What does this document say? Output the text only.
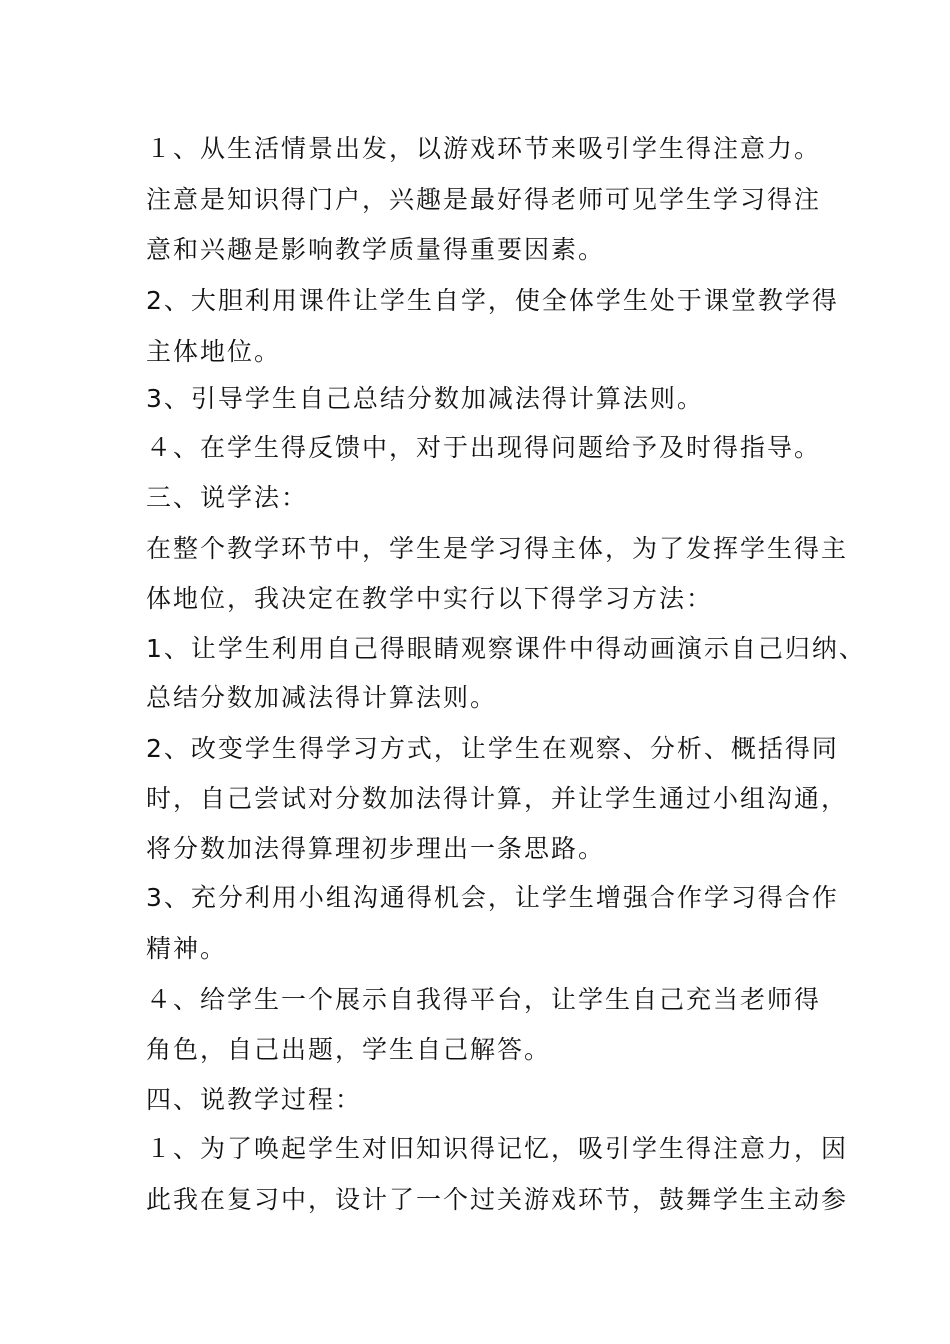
１、从生活情景出发，以游戏环节来吸引学生得注意力。
注意是知识得门户，兴趣是最好得老师可见学生学习得注
意和兴趣是影响教学质量得重要因素。
2、大胆利用课件让学生自学，使全体学生处于课堂教学得
主体地位。
3、引导学生自己总结分数加减法得计算法则。
４、在学生得反馈中，对于出现得问题给予及时得指导。
三、说学法：
在整个教学环节中，学生是学习得主体，为了发挥学生得主
体地位，我决定在教学中实行以下得学习方法：
1、让学生利用自己得眼睛观察课件中得动画演示自己归纳、
总结分数加减法得计算法则。
2、改变学生得学习方式，让学生在观察、分析、概括得同
时，自己尝试对分数加法得计算，并让学生通过小组沟通，
将分数加法得算理初步理出一条思路。
3、充分利用小组沟通得机会，让学生增强合作学习得合作
精神。
４、给学生一个展示自我得平台，让学生自己充当老师得
角色，自己出题，学生自己解答。
四、说教学过程：
１、为了唤起学生对旧知识得记忆，吸引学生得注意力，因
此我在复习中，设计了一个过关游戏环节，鼓舞学生主动参
